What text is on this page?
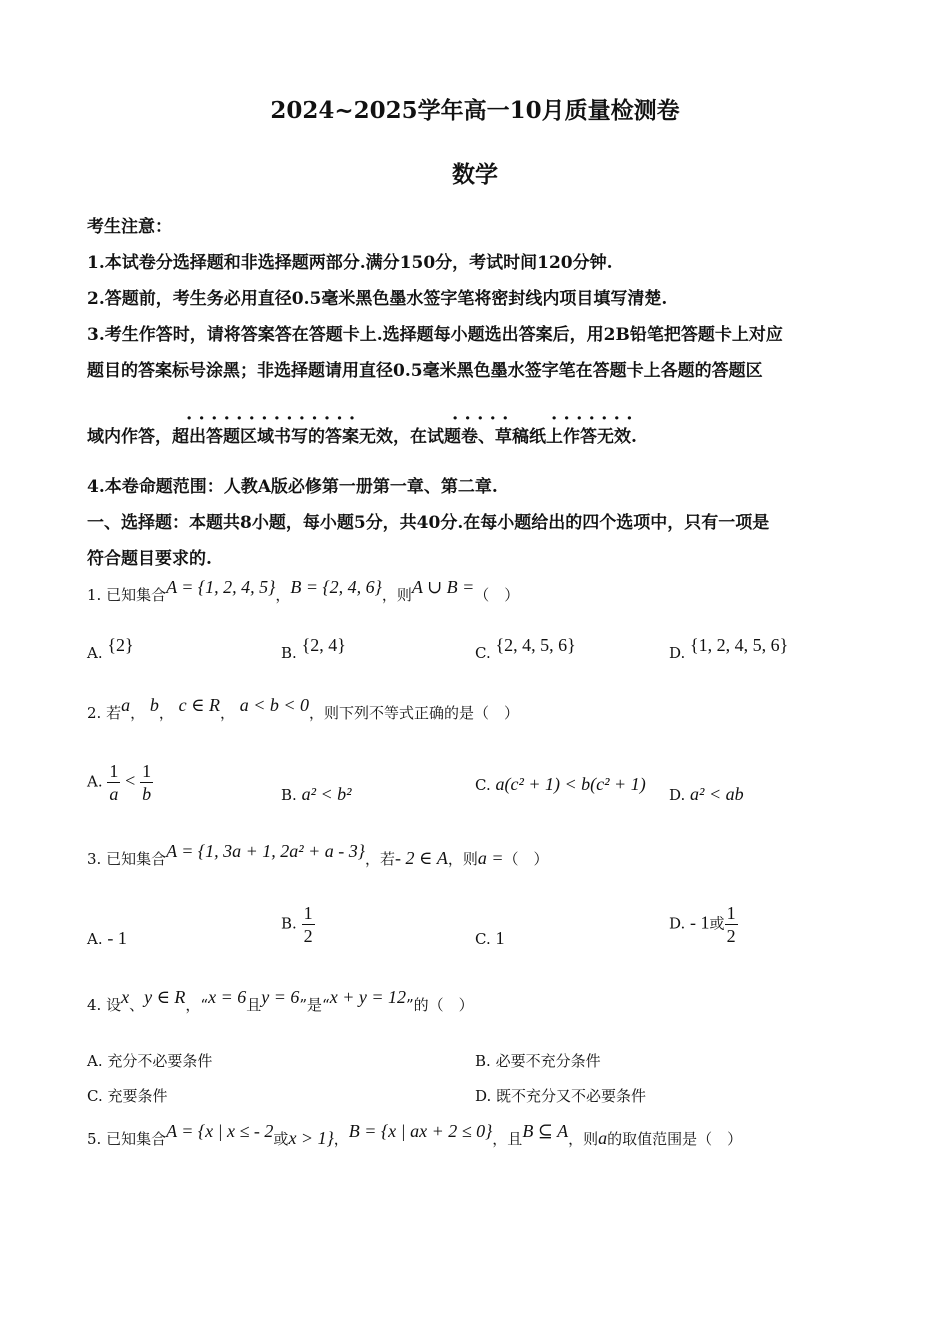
2024~2025学年高一10月质量检测卷
数学
考生注意：
1.本试卷分选择题和非选择题两部分.满分150分，考试时间120分钟.
2.答题前，考生务必用直径0.5毫米黑色墨水签字笔将密封线内项目填写清楚.
3.考生作答时，请将答案答在答题卡上.选择题每小题选出答案后，用2B铅笔把答题卡上对应
题目的答案标号涂黑；非选择题请用直径0.5毫米黑色墨水签字笔在答题卡上各题的答题区
· · · · · · · · · · · · · ·	· · · · · · · · · · · ·
域内作答，超出答题区域书写的答案无效，在试题卷、草稿纸上作答无效.
4.本卷命题范围：人教A版必修第一册第一章、第二章.
一、选择题：本题共8小题，每小题5分，共40分.在每小题给出的四个选项中，只有一项是
符合题目要求的.
1. 已知集合A = {1, 2, 4, 5}，B = {2, 4, 6}，则A ∪ B =（　）
A. {2}	B. {2, 4}	C. {2, 4, 5, 6}	D. {1, 2, 4, 5, 6}
2. 若a， b， c ∈ R， a < b < 0，则下列不等式正确的是（　）
A. $\frac{1}{a} < \frac{1}{b}$	B. a² < b²	C. a(c² + 1) < b(c² + 1)
D. a² < ab
3. 已知集合A = {1, 3a + 1, 2a² + a - 3}，若- 2 ∈ A，则a =（　）
A. - 1
B. $\frac{1}{2}$	C. 1
D. - 1或 $\frac{1}{2}$
4. 设x、y ∈ R，“x = 6且y = 6”是“x + y = 12”的（　）
A. 充分不必要条件	B. 必要不充分条件
C. 充要条件	D. 既不充分又不必要条件
5. 已知集合A = {x | x ≤ - 2或x > 1}，B = {x | ax + 2 ≤ 0}，且B ⊆ A，则a的取值范围是（　）
